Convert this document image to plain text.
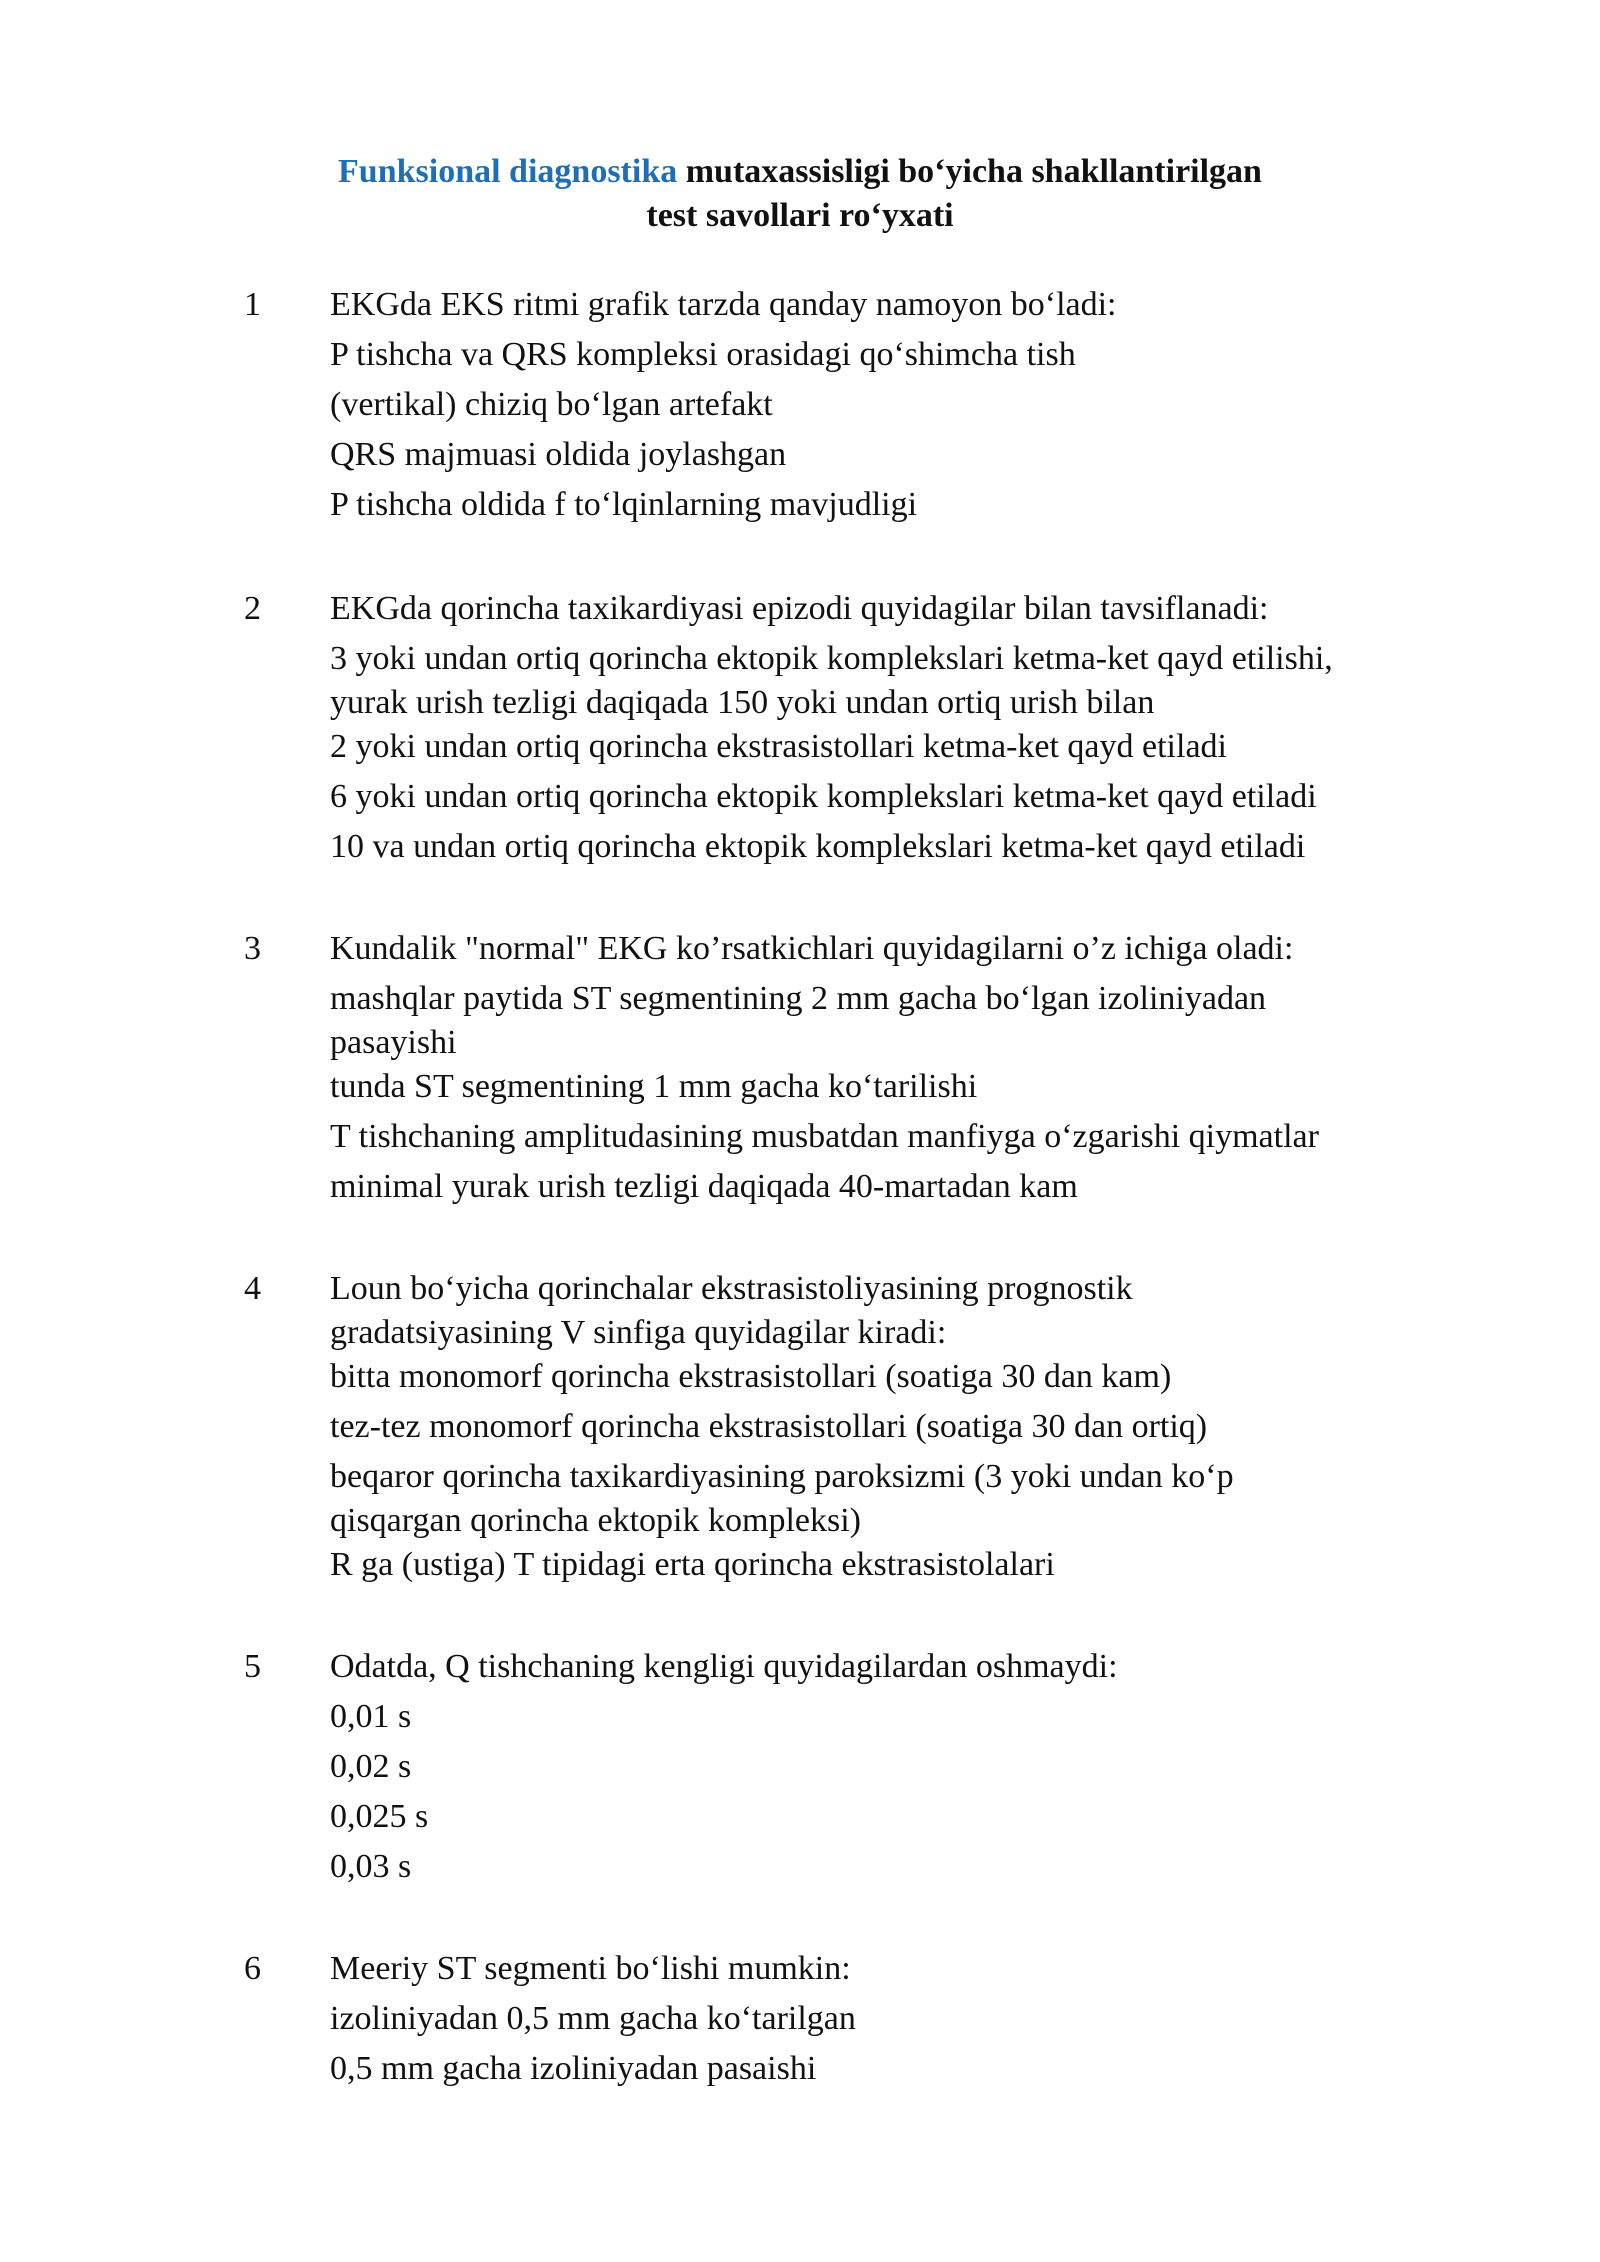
Funksional diagnostika mutaxassisligi bo‘yicha shakllantirilgan
test savollari ro‘yxati
1 EKGda EKS ritmi grafik tarzda qanday namoyon bo‘ladi:
P tishcha va QRS kompleksi orasidagi qo‘shimcha tish
(vertikal) chiziq bo‘lgan artefakt
QRS majmuasi oldida joylashgan
P tishcha oldida f to‘lqinlarning mavjudligi
2 EKGda qorincha taxikardiyasi epizodi quyidagilar bilan tavsiflanadi:
3 yoki undan ortiq qorincha ektopik komplekslari ketma-ket qayd etilishi,
yurak urish tezligi daqiqada 150 yoki undan ortiq urish bilan
2 yoki undan ortiq qorincha ekstrasistollari ketma-ket qayd etiladi
6 yoki undan ortiq qorincha ektopik komplekslari ketma-ket qayd etiladi
10 va undan ortiq qorincha ektopik komplekslari ketma-ket qayd etiladi
3 Kundalik "normal" EKG ko’rsatkichlari quyidagilarni o’z ichiga oladi:
mashqlar paytida ST segmentining 2 mm gacha bo‘lgan izoliniyadan
pasayishi
tunda ST segmentining 1 mm gacha ko‘tarilishi
T tishchaning amplitudasining musbatdan manfiyga o‘zgarishi qiymatlar
minimal yurak urish tezligi daqiqada 40-martadan kam
4 Loun bo‘yicha qorinchalar ekstrasistoliyasining prognostik
gradatsiyasining V sinfiga quyidagilar kiradi:
bitta monomorf qorincha ekstrasistollari (soatiga 30 dan kam)
tez-tez monomorf qorincha ekstrasistollari (soatiga 30 dan ortiq)
beqaror qorincha taxikardiyasining paroksizmi (3 yoki undan ko‘p
qisqargan qorincha ektopik kompleksi)
R ga (ustiga) T tipidagi erta qorincha ekstrasistolalari
5 Odatda, Q tishchaning kengligi quyidagilardan oshmaydi:
0,01 s
0,02 s
0,025 s
0,03 s
6 Meeriy ST segmenti bo‘lishi mumkin:
izoliniyadan 0,5 mm gacha ko‘tarilgan
0,5 mm gacha izoliniyadan pasaishi
